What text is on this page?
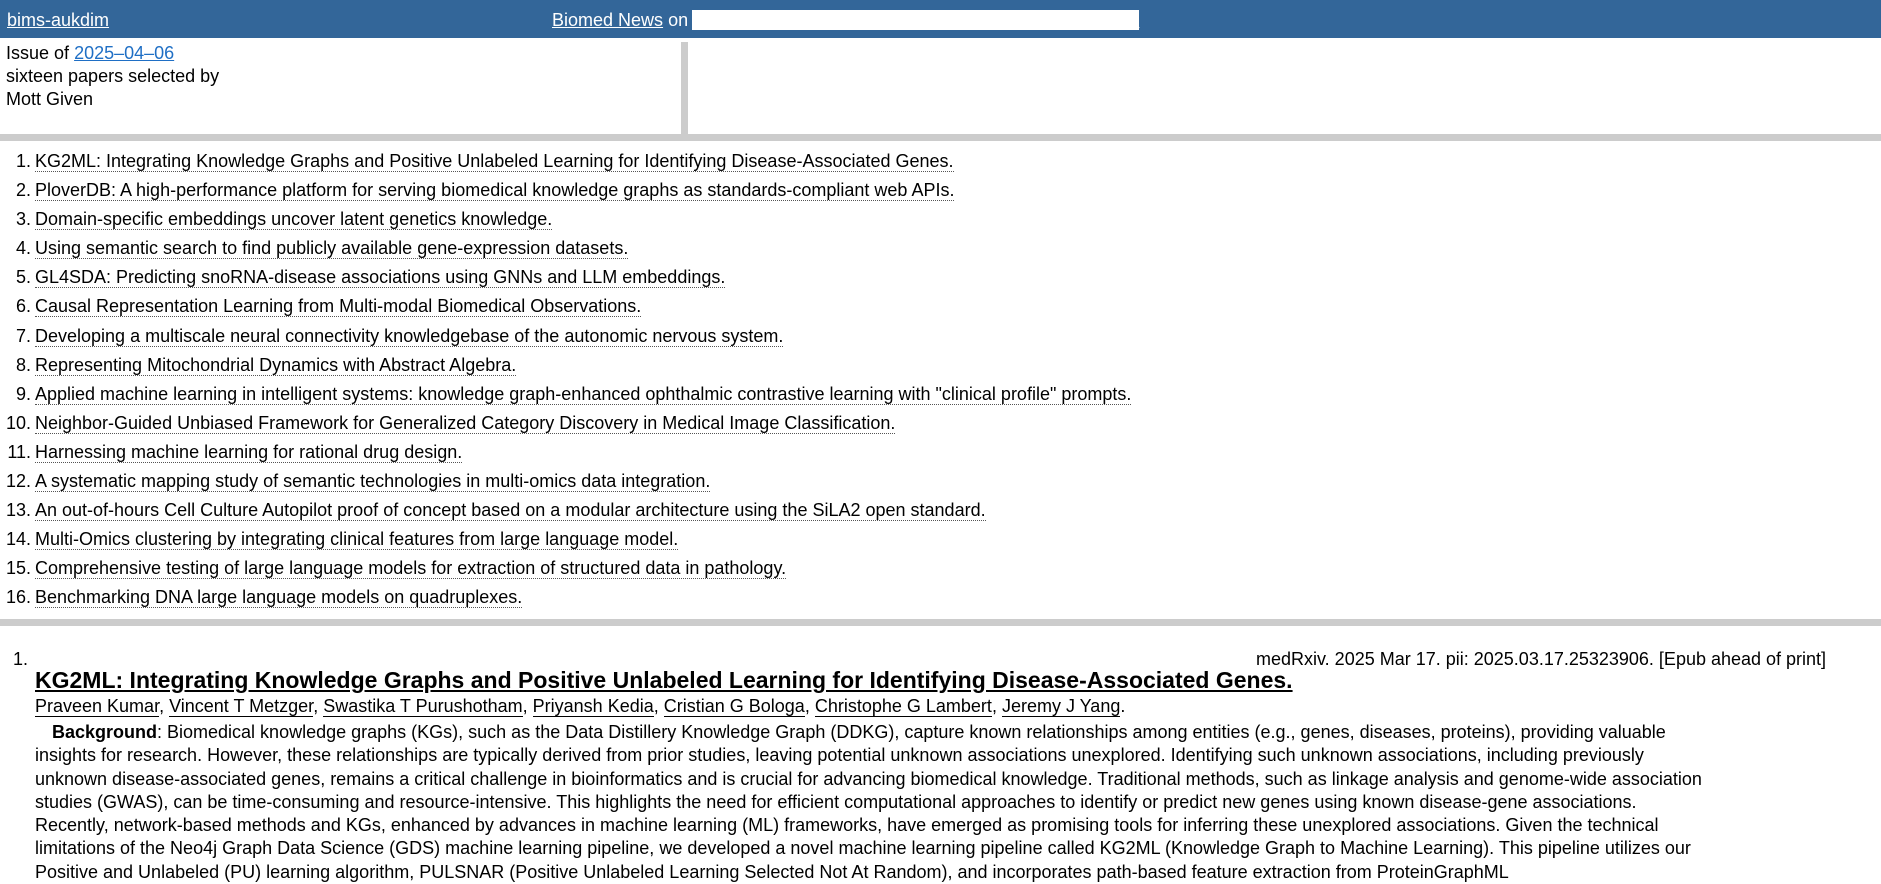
bims-aukdim	Biomed News on Automated knowledge discovery techniques in medicine
Issue of 2025‒04‒06
sixteen papers selected by
Mott Given
1. KG2ML: Integrating Knowledge Graphs and Positive Unlabeled Learning for Identifying Disease-Associated Genes.
2. PloverDB: A high-performance platform for serving biomedical knowledge graphs as standards-compliant web APIs.
3. Domain-specific embeddings uncover latent genetics knowledge.
4. Using semantic search to find publicly available gene-expression datasets.
5. GL4SDA: Predicting snoRNA-disease associations using GNNs and LLM embeddings.
6. Causal Representation Learning from Multi-modal Biomedical Observations.
7. Developing a multiscale neural connectivity knowledgebase of the autonomic nervous system.
8. Representing Mitochondrial Dynamics with Abstract Algebra.
9. Applied machine learning in intelligent systems: knowledge graph-enhanced ophthalmic contrastive learning with "clinical profile" prompts.
10. Neighbor-Guided Unbiased Framework for Generalized Category Discovery in Medical Image Classification.
11. Harnessing machine learning for rational drug design.
12. A systematic mapping study of semantic technologies in multi-omics data integration.
13. An out-of-hours Cell Culture Autopilot proof of concept based on a modular architecture using the SiLA2 open standard.
14. Multi-Omics clustering by integrating clinical features from large language model.
15. Comprehensive testing of large language models for extraction of structured data in pathology.
16. Benchmarking DNA large language models on quadruplexes.
1.	medRxiv. 2025 Mar 17. pii: 2025.03.17.25323906. [Epub ahead of print]
KG2ML: Integrating Knowledge Graphs and Positive Unlabeled Learning for Identifying Disease-Associated Genes.
Praveen Kumar, Vincent T Metzger, Swastika T Purushotham, Priyansh Kedia, Cristian G Bologa, Christophe G Lambert, Jeremy J Yang.
Background: Biomedical knowledge graphs (KGs), such as the Data Distillery Knowledge Graph (DDKG), capture known relationships among entities (e.g., genes, diseases, proteins), providing valuable
insights for research. However, these relationships are typically derived from prior studies, leaving potential unknown associations unexplored. Identifying such unknown associations, including previously
unknown disease-associated genes, remains a critical challenge in bioinformatics and is crucial for advancing biomedical knowledge. Traditional methods, such as linkage analysis and genome-wide association
studies (GWAS), can be time-consuming and resource-intensive. This highlights the need for efficient computational approaches to identify or predict new genes using known disease-gene associations.
Recently, network-based methods and KGs, enhanced by advances in machine learning (ML) frameworks, have emerged as promising tools for inferring these unexplored associations. Given the technical
limitations of the Neo4j Graph Data Science (GDS) machine learning pipeline, we developed a novel machine learning pipeline called KG2ML (Knowledge Graph to Machine Learning). This pipeline utilizes our
Positive and Unlabeled (PU) learning algorithm, PULSNAR (Positive Unlabeled Learning Selected Not At Random), and incorporates path-based feature extraction from ProteinGraphML
